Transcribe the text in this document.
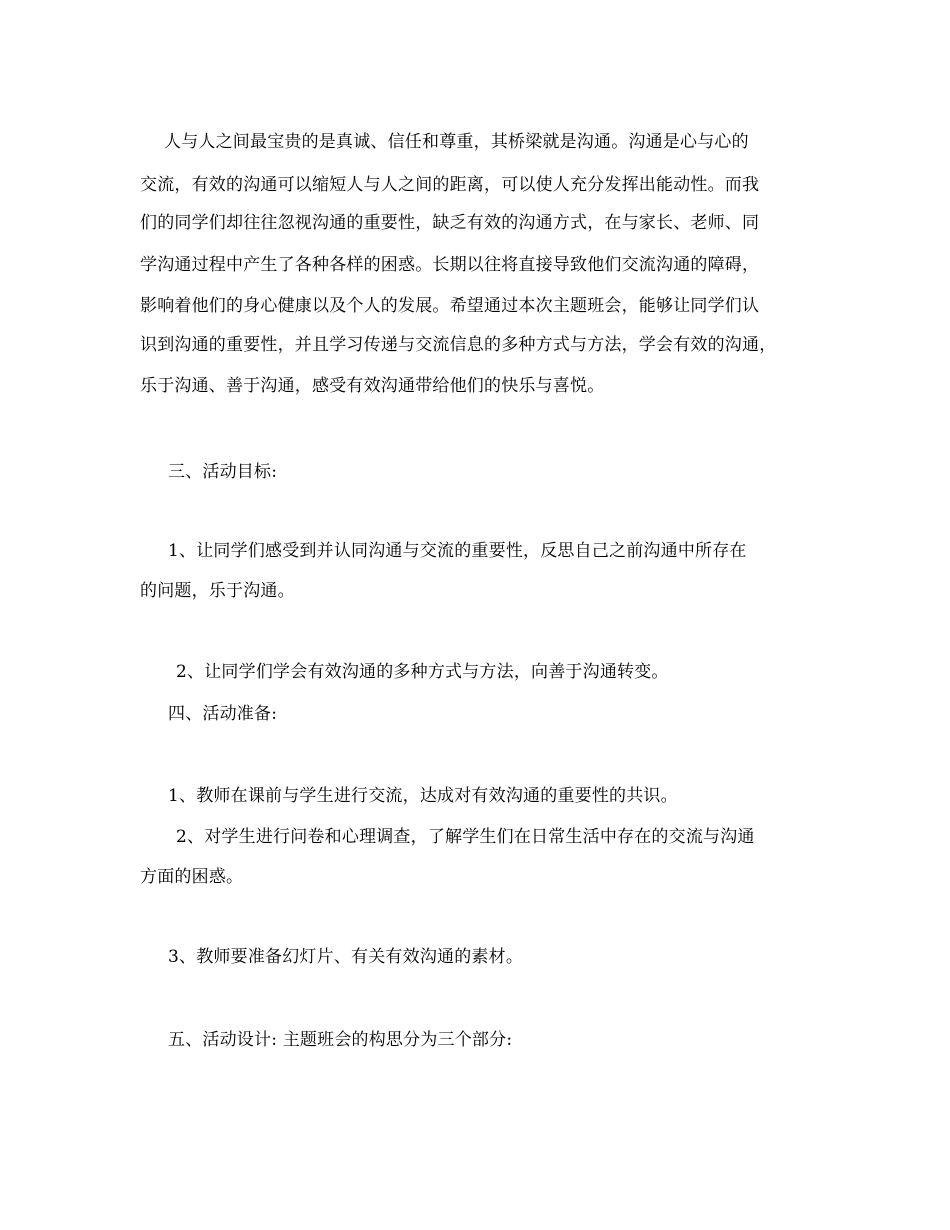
人与人之间最宝贵的是真诚、信任和尊重，其桥梁就是沟通。沟通是心与心的
交流，有效的沟通可以缩短人与人之间的距离，可以使人充分发挥出能动性。而我
们的同学们却往往忽视沟通的重要性，缺乏有效的沟通方式，在与家长、老师、同
学沟通过程中产生了各种各样的困惑。长期以往将直接导致他们交流沟通的障碍，
影响着他们的身心健康以及个人的发展。希望通过本次主题班会，能够让同学们认
识到沟通的重要性，并且学习传递与交流信息的多种方式与方法，学会有效的沟通，
乐于沟通、善于沟通，感受有效沟通带给他们的快乐与喜悦。
三、活动目标:
1、让同学们感受到并认同沟通与交流的重要性，反思自己之前沟通中所存在
的问题，乐于沟通。
2、让同学们学会有效沟通的多种方式与方法，向善于沟通转变。
四、活动准备:
1、教师在课前与学生进行交流，达成对有效沟通的重要性的共识。
2、对学生进行问卷和心理调查，了解学生们在日常生活中存在的交流与沟通
方面的困惑。
3、教师要准备幻灯片、有关有效沟通的素材。
五、活动设计: 主题班会的构思分为三个部分:
